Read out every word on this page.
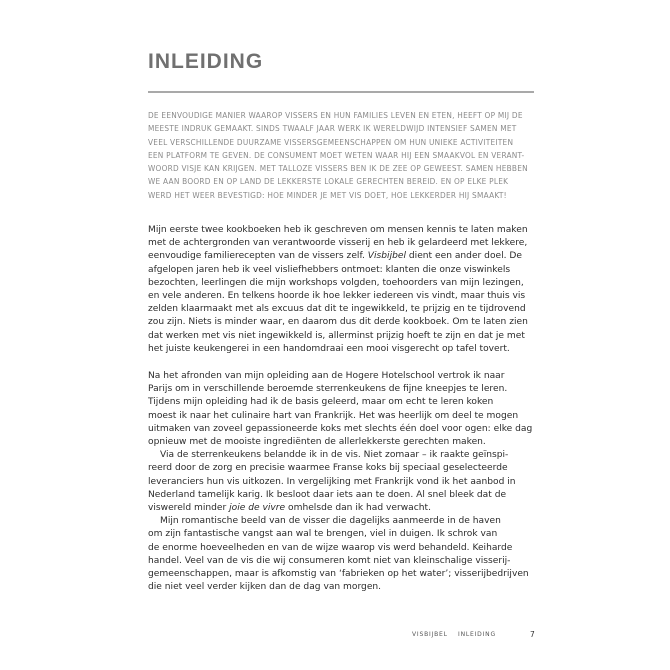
INLEIDING
DE EENVOUDIGE MANIER WAAROP VISSERS EN HUN FAMILIES LEVEN EN ETEN, HEEFT OP MIJ DE
MEESTE INDRUK GEMAAKT. SINDS TWAALF JAAR WERK IK WERELDWIJD INTENSIEF SAMEN MET
VEEL VERSCHILLENDE DUURZAME VISSERSGEMEENSCHAPPEN OM HUN UNIEKE ACTIVITEITEN
EEN PLATFORM TE GEVEN. DE CONSUMENT MOET WETEN WAAR HIJ EEN SMAAKVOL EN VERANT-
WOORD VISJE KAN KRIJGEN. MET TALLOZE VISSERS BEN IK DE ZEE OP GEWEEST. SAMEN HEBBEN
WE AAN BOORD EN OP LAND DE LEKKERSTE LOKALE GERECHTEN BEREID. EN OP ELKE PLEK
WERD HET WEER BEVESTIGD: HOE MINDER JE MET VIS DOET, HOE LEKKERDER HIJ SMAAKT!
Mijn eerste twee kookboeken heb ik geschreven om mensen kennis te laten maken
met de achtergronden van verantwoorde visserij en heb ik gelardeerd met lekkere,
eenvoudige familierecepten van de vissers zelf. Visbijbel dient een ander doel. De
afgelopen jaren heb ik veel visliefhebbers ontmoet: klanten die onze viswinkels
bezochten, leerlingen die mijn workshops volgden, toehoorders van mijn lezingen,
en vele anderen. En telkens hoorde ik hoe lekker iedereen vis vindt, maar thuis vis
zelden klaarmaakt met als excuus dat dit te ingewikkeld, te prijzig en te tijdrovend
zou zijn. Niets is minder waar, en daarom dus dit derde kookboek. Om te laten zien
dat werken met vis niet ingewikkeld is, allerminst prijzig hoeft te zijn en dat je met
het juiste keukengerei in een handomdraai een mooi visgerecht op tafel tovert.
Na het afronden van mijn opleiding aan de Hogere Hotelschool vertrok ik naar
Parijs om in verschillende beroemde sterrenkeukens de fijne kneepjes te leren.
Tijdens mijn opleiding had ik de basis geleerd, maar om echt te leren koken
moest ik naar het culinaire hart van Frankrijk. Het was heerlijk om deel te mogen
uitmaken van zoveel gepassioneerde koks met slechts één doel voor ogen: elke dag
opnieuw met de mooiste ingrediënten de allerlekkerste gerechten maken.
Via de sterrenkeukens belandde ik in de vis. Niet zomaar – ik raakte geïnspi-
reerd door de zorg en precisie waarmee Franse koks bij speciaal geselecteerde
leveranciers hun vis uitkozen. In vergelijking met Frankrijk vond ik het aanbod in
Nederland tamelijk karig. Ik besloot daar iets aan te doen. Al snel bleek dat de
viswereld minder joie de vivre omhelsde dan ik had verwacht.
Mijn romantische beeld van de visser die dagelijks aanmeerde in de haven
om zijn fantastische vangst aan wal te brengen, viel in duigen. Ik schrok van
de enorme hoeveelheden en van de wijze waarop vis werd behandeld. Keiharde
handel. Veel van de vis die wij consumeren komt niet van kleinschalige visserij-
gemeenschappen, maar is afkomstig van ‘fabrieken op het water’; visserijbedrijven
die niet veel verder kijken dan de dag van morgen.
VISBIJBEL INLEIDING	7
